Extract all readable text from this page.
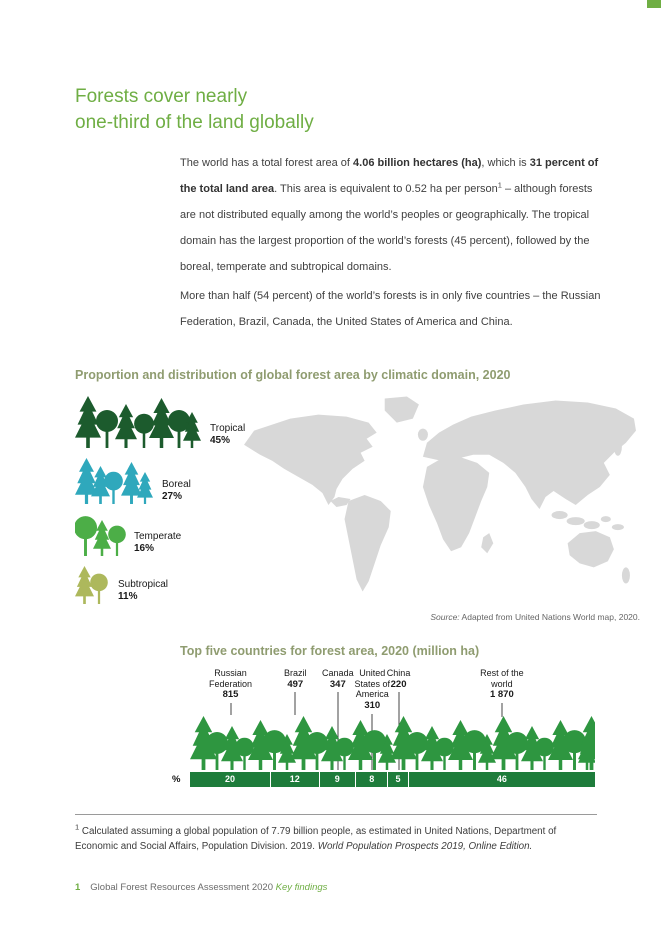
Forests cover nearly
one-third of the land globally

The world has a total forest area of 4.06 billion hectares (ha), which is 31 percent of the total land area. This area is equivalent to 0.52 ha per person$^1$ – although forests are not distributed equally among the world’s peoples or geographically. The tropical domain has the largest proportion of the world’s forests (45 percent), followed by the boreal, temperate and subtropical domains.

More than half (54 percent) of the world’s forests is in only five countries – the Russian Federation, Brazil, Canada, the United States of America and China.

Proportion and distribution of global forest area by climatic domain, 2020
Tropical
45%
Boreal
27%
Temperate
16%
Subtropical
11%
Source: Adapted from United Nations World map, 2020.
Top five countries for forest area, 2020 (million ha)
%
Russian Federation
815
Brazil
497
Canada
347
United States of America
310
China
220
Rest of the world
1 870
20	12	9	8	5	46
$^1$ Calculated assuming a global population of 7.79 billion people, as estimated in United Nations, Department of Economic and Social Affairs, Population Division. 2019. World Population Prospects 2019, Online Edition.
1 Global Forest Resources Assessment 2020 Key findings
